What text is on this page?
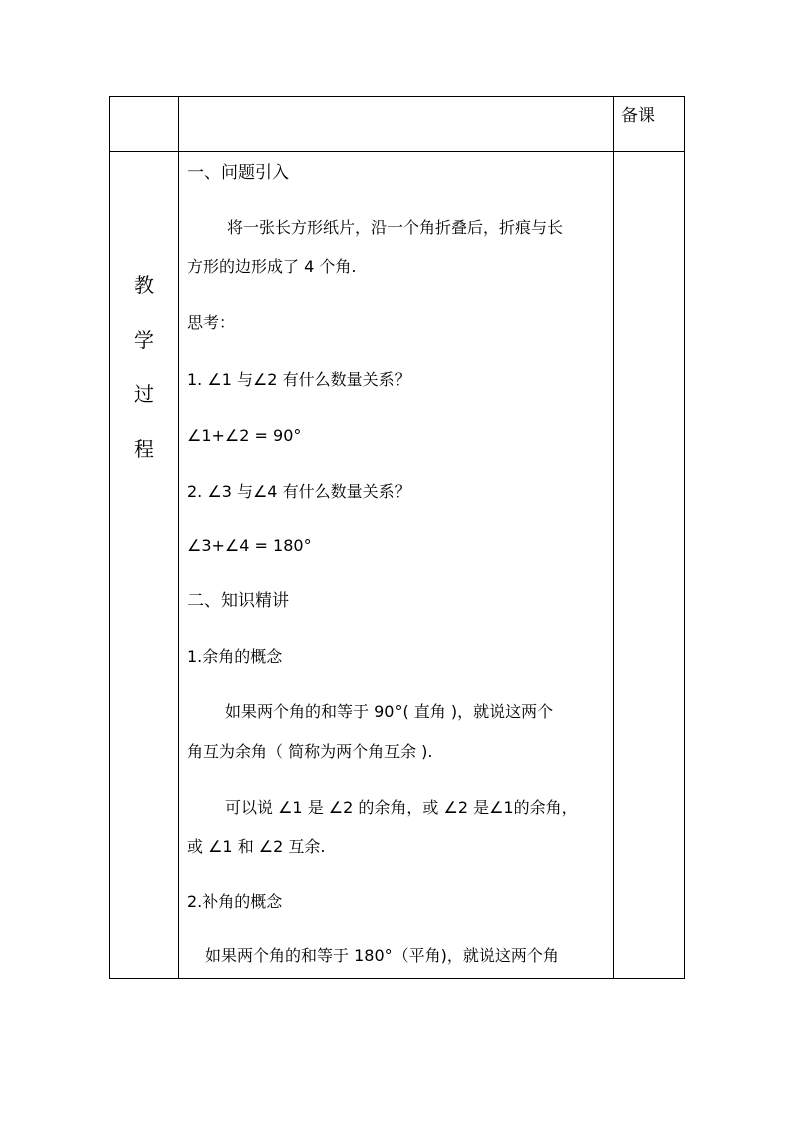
备课
教
学
过
程
一、问题引入
将一张长方形纸片，沿一个角折叠后，折痕与长
方形的边形成了 4 个角.
思考：
1. ∠1 与∠2 有什么数量关系？
∠1+∠2 = 90°
2. ∠3 与∠4 有什么数量关系？
∠3+∠4 = 180°
二、知识精讲
1.余角的概念
如果两个角的和等于 90°( 直角 )，就说这两个
角互为余角（ 简称为两个角互余 ).
可以说 ∠1 是 ∠2 的余角，或 ∠2 是∠1的余角，
或 ∠1 和 ∠2 互余.
2.补角的概念
如果两个角的和等于 180°（平角)，就说这两个角
